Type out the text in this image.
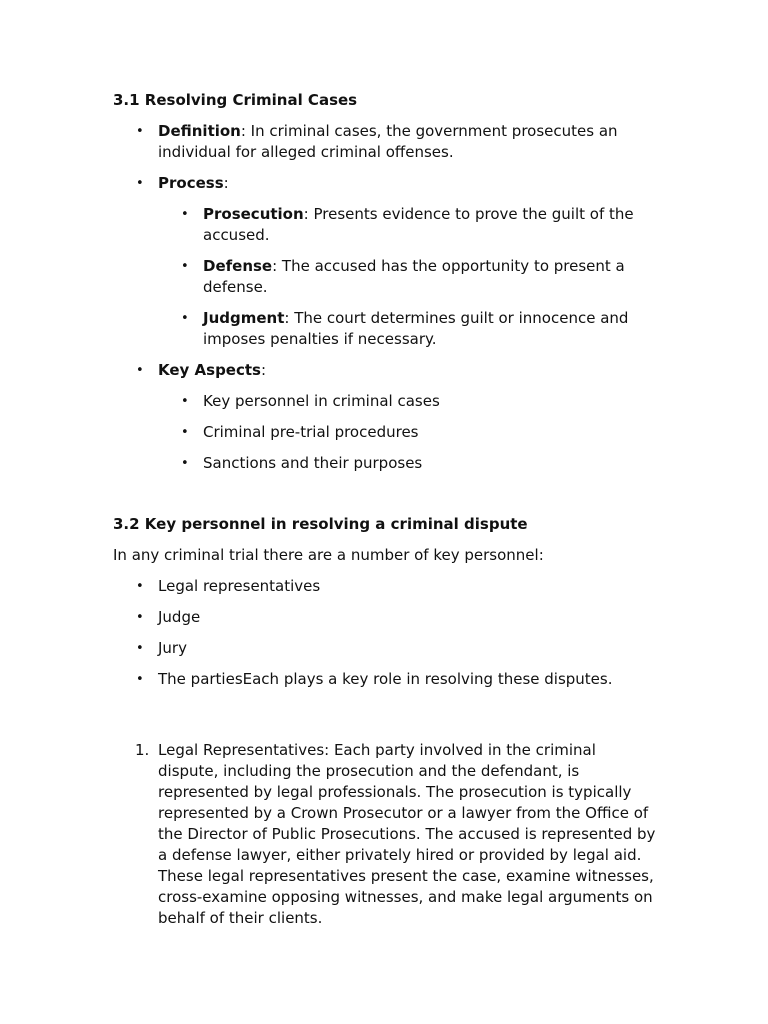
3.1 Resolving Criminal Cases
• Definition: In criminal cases, the government prosecutes an individual for alleged criminal offenses.
• Process:
• Prosecution: Presents evidence to prove the guilt of the accused.
• Defense: The accused has the opportunity to present a defense.
• Judgment: The court determines guilt or innocence and imposes penalties if necessary.
• Key Aspects:
• Key personnel in criminal cases
• Criminal pre-trial procedures
• Sanctions and their purposes
3.2 Key personnel in resolving a criminal dispute

In any criminal trial there are a number of key personnel:

• Legal representatives
• Judge
• Jury
• The partiesEach plays a key role in resolving these disputes.
1. Legal Representatives: Each party involved in the criminal dispute, including the prosecution and the defendant, is represented by legal professionals. The prosecution is typically represented by a Crown Prosecutor or a lawyer from the Office of the Director of Public Prosecutions. The accused is represented by a defense lawyer, either privately hired or provided by legal aid. These legal representatives present the case, examine witnesses, cross-examine opposing witnesses, and make legal arguments on behalf of their clients.
